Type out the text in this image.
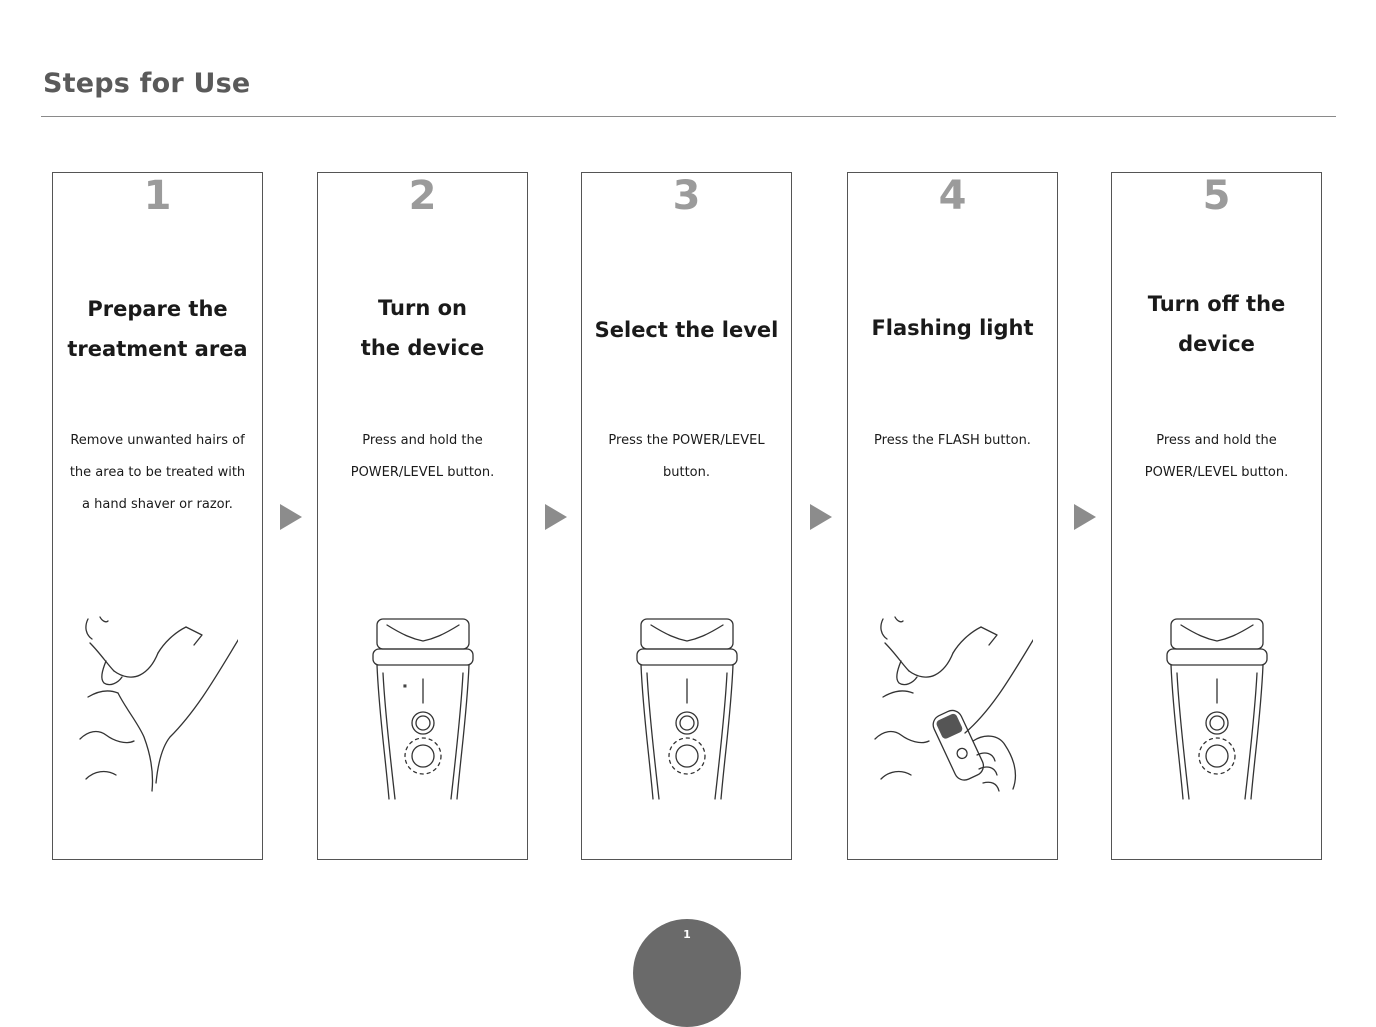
Steps for Use
1
Prepare the
treatment area
Remove unwanted hairs of
the area to be treated with
a hand shaver or razor.
2
Turn on
the device
Press and hold the
POWER/LEVEL button.
■
3
Select the level
Press the POWER/LEVEL
button.
4
Flashing light
Press the FLASH button.
5
Turn off the
device
Press and hold the
POWER/LEVEL button.
1
